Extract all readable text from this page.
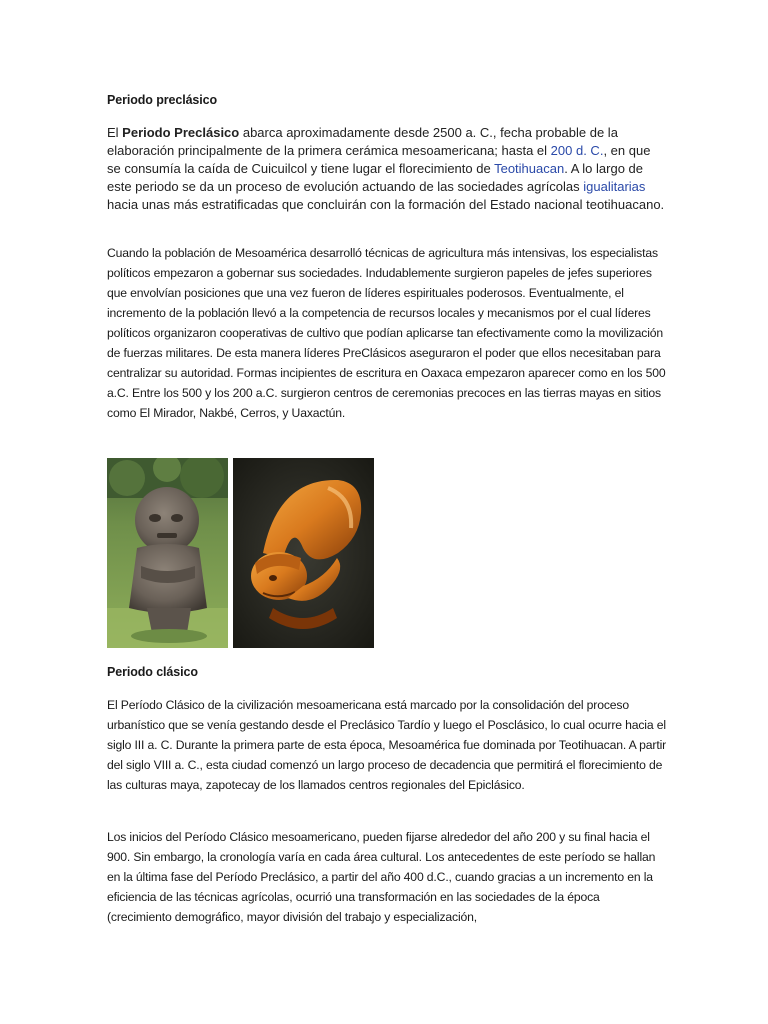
Periodo preclásico

El Periodo Preclásico abarca aproximadamente desde 2500 a. C., fecha probable de la elaboración principalmente de la primera cerámica mesoamericana; hasta el 200 d. C., en que se consumía la caída de Cuicuilcol y tiene lugar el florecimiento de Teotihuacan. A lo largo de este periodo se da un proceso de evolución actuando de las sociedades agrícolas igualitarias hacia unas más estratificadas que concluirán con la formación del Estado nacional teotihuacano.

Cuando la población de Mesoamérica desarrolló técnicas de agricultura más intensivas, los especialistas políticos empezaron a gobernar sus sociedades. Indudablemente surgieron papeles de jefes superiores que envolvían posiciones que una vez fueron de líderes espirituales poderosos. Eventualmente, el incremento de la población llevó a la competencia de recursos locales y mecanismos por el cual líderes políticos organizaron cooperativas de cultivo que podían aplicarse tan efectivamente como la movilización de fuerzas militares. De esta manera líderes PreClásicos aseguraron el poder que ellos necesitaban para centralizar su autoridad. Formas incipientes de escritura en Oaxaca empezaron aparecer como en los 500 a.C. Entre los 500 y los 200 a.C. surgieron centros de ceremonias precoces en las tierras mayas en sitios como El Mirador, Nakbé, Cerros, y Uaxactún.

Periodo clásico

El Período Clásico de la civilización mesoamericana está marcado por la consolidación del proceso urbanístico que se venía gestando desde el Preclásico Tardío y luego el Posclásico, lo cual ocurre hacia el siglo III a. C. Durante la primera parte de esta época, Mesoamérica fue dominada por Teotihuacan. A partir del siglo VIII a. C., esta ciudad comenzó un largo proceso de decadencia que permitirá el florecimiento de las culturas maya, zapotecay de los llamados centros regionales del Epiclásico.

Los inicios del Período Clásico mesoamericano, pueden fijarse alrededor del año 200 y su final hacia el 900. Sin embargo, la cronología varía en cada área cultural. Los antecedentes de este período se hallan en la última fase del Período Preclásico, a partir del año 400 d.C., cuando gracias a un incremento en la eficiencia de las técnicas agrícolas, ocurrió una transformación en las sociedades de la época (crecimiento demográfico, mayor división del trabajo y especialización,
